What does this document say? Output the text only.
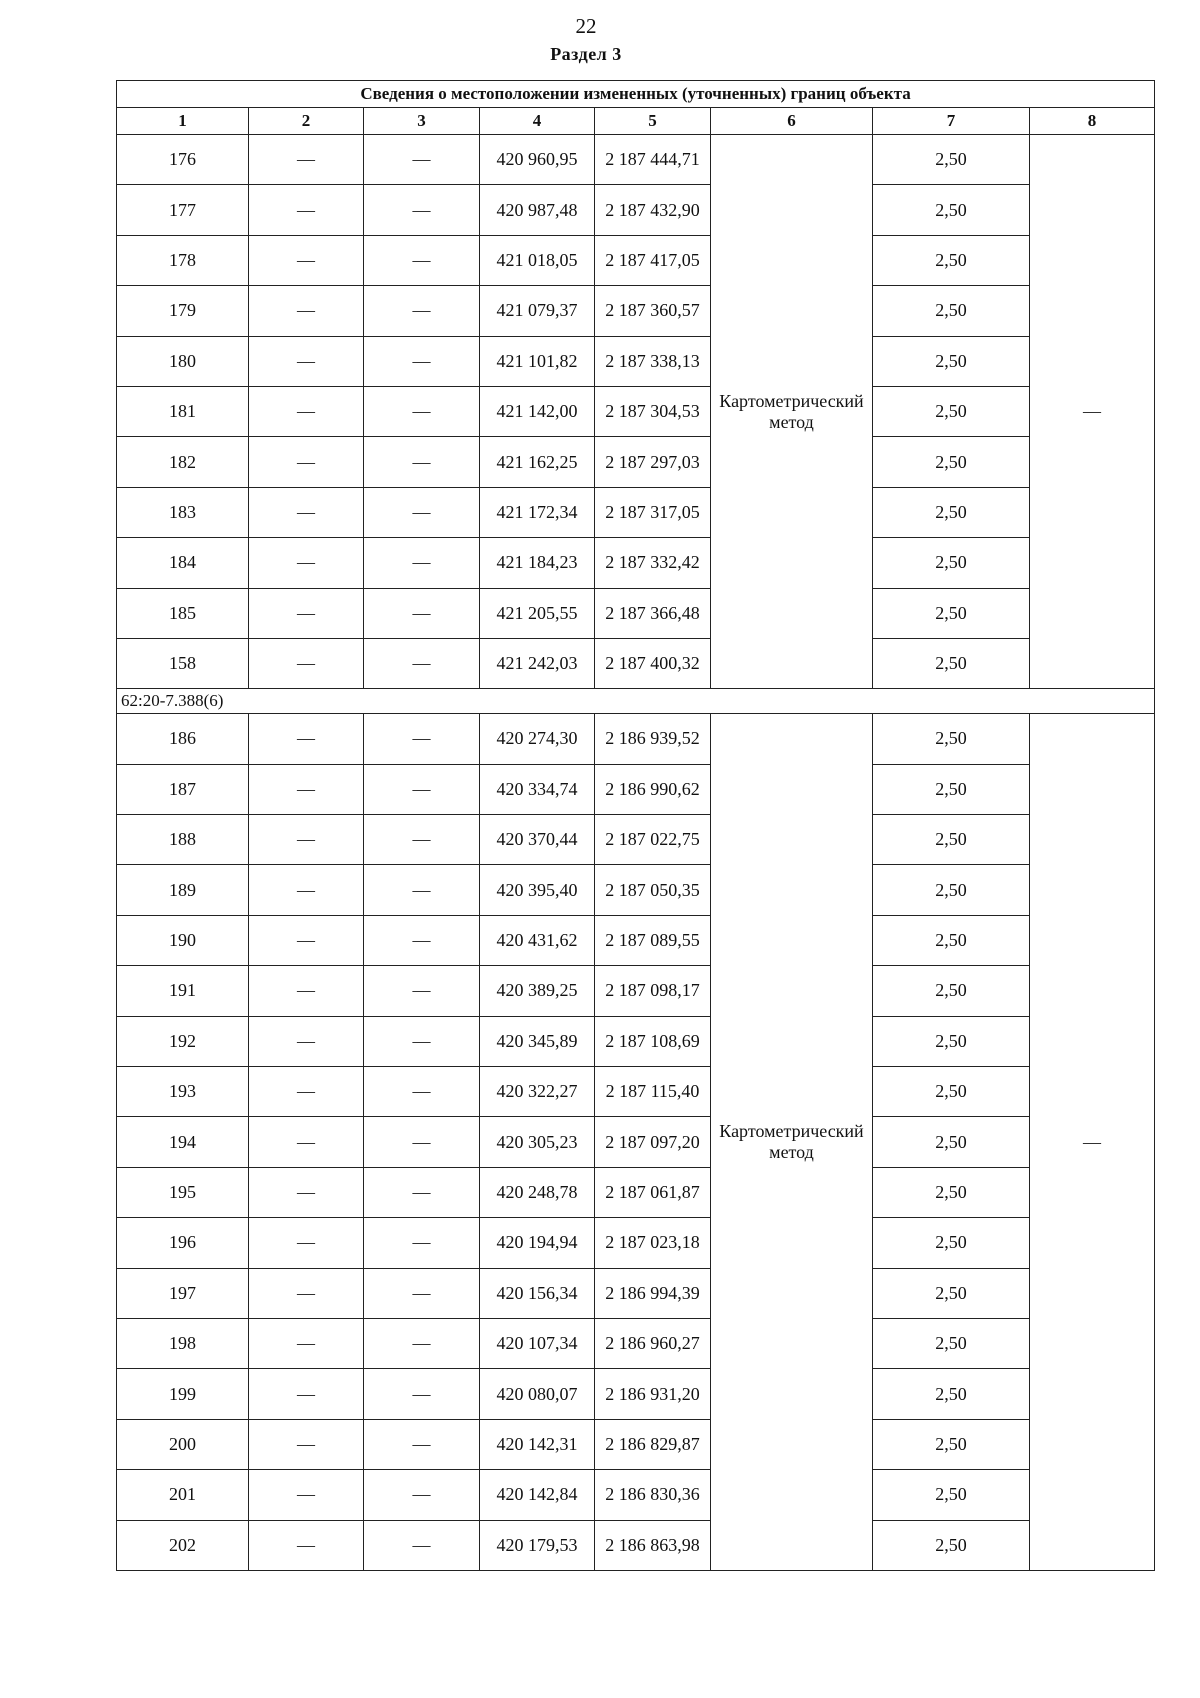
22
Раздел 3
Сведения о местоположении измененных (уточненных) границ объекта							
1	2	3	4	5	6	7	8
176	—	—	420 960,95	2 187 444,71	Картометрический метод	2,50	—
177	—	—	420 987,48	2 187 432,90		2,50	
178	—	—	421 018,05	2 187 417,05		2,50	
179	—	—	421 079,37	2 187 360,57		2,50	
180	—	—	421 101,82	2 187 338,13		2,50	
181	—	—	421 142,00	2 187 304,53		2,50	
182	—	—	421 162,25	2 187 297,03		2,50	
183	—	—	421 172,34	2 187 317,05		2,50	
184	—	—	421 184,23	2 187 332,42		2,50	
185	—	—	421 205,55	2 187 366,48		2,50	
158	—	—	421 242,03	2 187 400,32		2,50	
62:20-7.388(6)							
186	—	—	420 274,30	2 186 939,52	Картометрический метод	2,50	—
187	—	—	420 334,74	2 186 990,62		2,50	
188	—	—	420 370,44	2 187 022,75		2,50	
189	—	—	420 395,40	2 187 050,35		2,50	
190	—	—	420 431,62	2 187 089,55		2,50	
191	—	—	420 389,25	2 187 098,17		2,50	
192	—	—	420 345,89	2 187 108,69		2,50	
193	—	—	420 322,27	2 187 115,40		2,50	
194	—	—	420 305,23	2 187 097,20		2,50	
195	—	—	420 248,78	2 187 061,87		2,50	
196	—	—	420 194,94	2 187 023,18		2,50	
197	—	—	420 156,34	2 186 994,39		2,50	
198	—	—	420 107,34	2 186 960,27		2,50	
199	—	—	420 080,07	2 186 931,20		2,50	
200	—	—	420 142,31	2 186 829,87		2,50	
201	—	—	420 142,84	2 186 830,36		2,50	
202	—	—	420 179,53	2 186 863,98		2,50	
